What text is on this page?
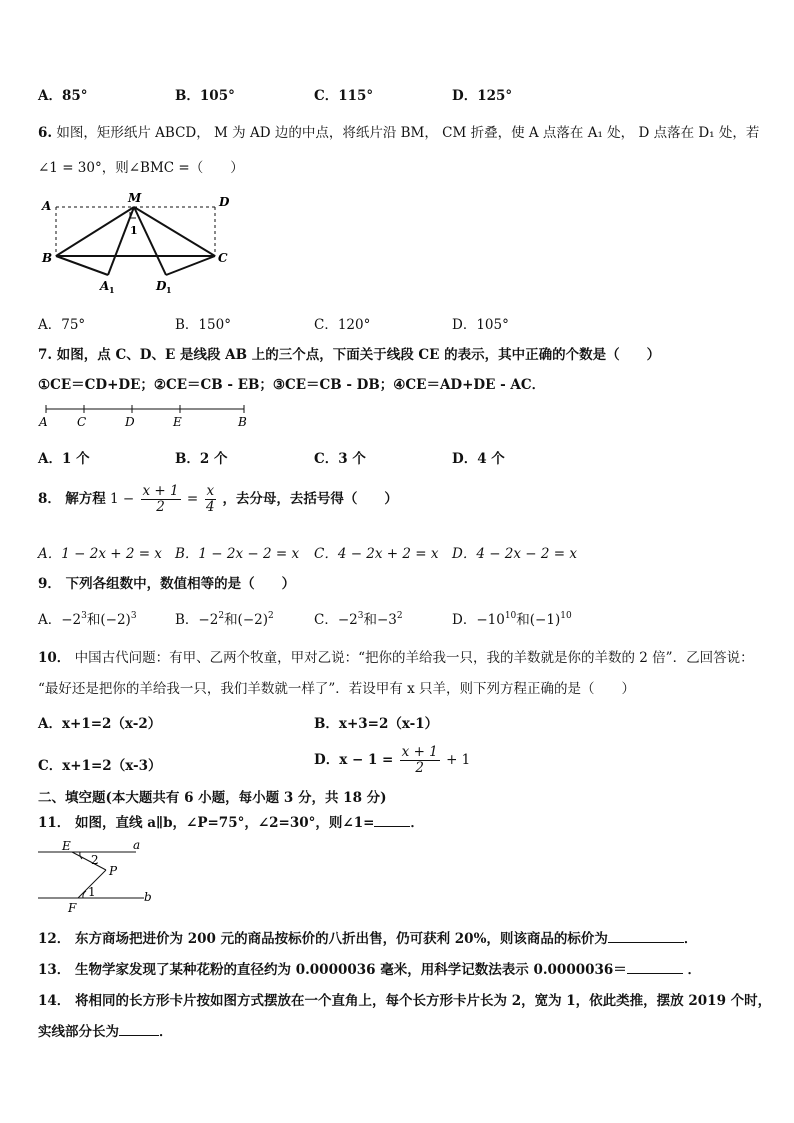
A．85°	B．105°	C．115°	D．125°
6. 如图，矩形纸片 ABCD， M 为 AD 边的中点，将纸片沿 BM， CM 折叠，使 A 点落在 A₁ 处， D 点落在 D₁ 处，若
∠1 = 30°，则∠BMC =（　　）
A
M	D
1
B	C
A 1	D 1
A．75°	B．150°	C．120°	D．105°
7. 如图，点 C、D、E 是线段 AB 上的三个点，下面关于线段 CE 的表示，其中正确的个数是（　　）
①CE＝CD+DE；②CE＝CB - EB；③CE＝CB - DB；④CE＝AD+DE - AC．
A C	D	E	B
A．1 个	B．2 个	C．3 个	D．4 个
8． 解方程 $1 - \frac{x + 1}{2} = \frac{x}{4}$ ，去分母，去括号得（　　）
A．1 − 2x + 2 = x B．1 − 2x − 2 = x C．4 − 2x + 2 = x D．4 − 2x − 2 = x
9． 下列各组数中，数值相等的是（　　）
A．$-2^3$和$(-2)^3$	B．$-2^2$和$(-2)^2$	C．$-2^3$和$-3^2$	D．$-10^{10}$和$(-1)^{10}$
10． 中国古代问题：有甲、乙两个牧童，甲对乙说：“把你的羊给我一只，我的羊数就是你的羊数的 2 倍”．乙回答说：
“最好还是把你的羊给我一只，我们羊数就一样了”．若设甲有 x 只羊，则下列方程正确的是（　　）
A．x+1=2（x-2）	B．x+3=2（x-1）
C．x+1=2（x-3）	D．$x - 1 = \frac{x + 1}{2} + 1$
二、填空题(本大题共有 6 小题，每小题 3 分，共 18 分)
11． 如图，直线 a∥b，∠P=75°，∠2=30°，则∠1=	．
E	a
2
P
1
F
b
12． 东方商场把进价为 200 元的商品按标价的八折出售，仍可获利 20%，则该商品的标价为	．
13． 生物学家发现了某种花粉的直径约为 0.0000036 毫米，用科学记数法表示 0.0000036＝	．
14． 将相同的长方形卡片按如图方式摆放在一个直角上，每个长方形卡片长为 2，宽为 1，依此类推，摆放 2019 个时，
实线部分长为	．
